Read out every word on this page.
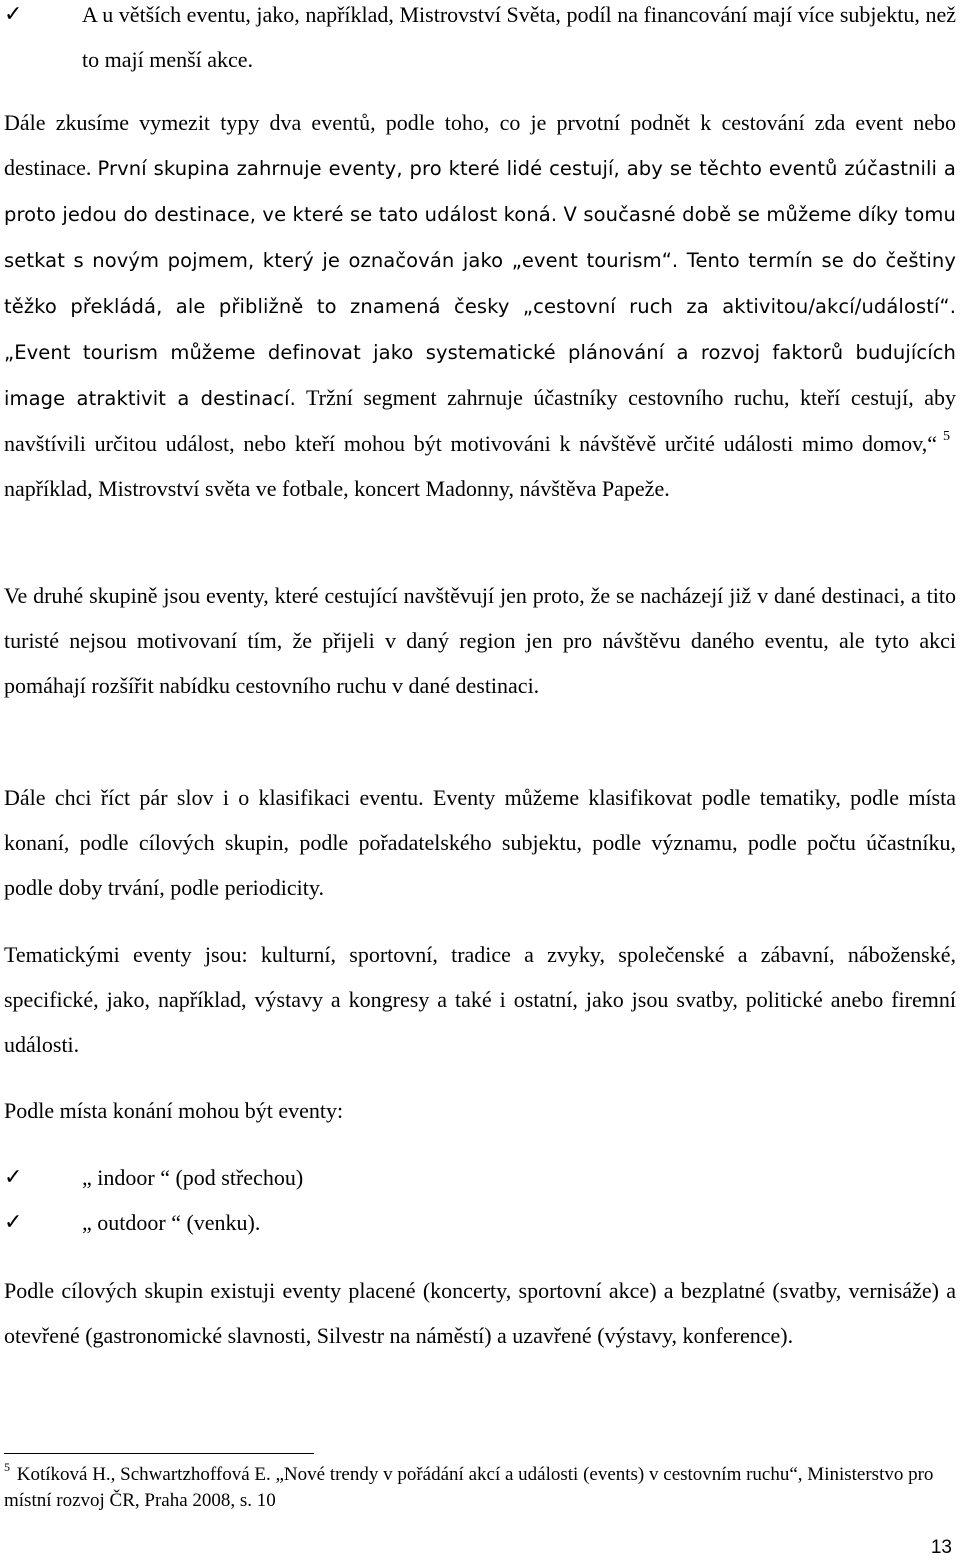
✓	A u větších eventu, jako, například, Mistrovství Světa, podíl na financování mají více subjektu, než to mají menší akce.

Dále zkusíme vymezit typy dva eventů, podle toho, co je prvotní podnět k cestování zda event nebo destinace. První skupina zahrnuje eventy, pro které lidé cestují, aby se těchto eventů zúčastnili a proto jedou do destinace, ve které se tato událost koná. V současné době se můžeme díky tomu setkat s novým pojmem, který je označován jako „event tourism“. Tento termín se do češtiny těžko překládá, ale přibližně to znamená česky „cestovní ruch za aktivitou/akcí/událostí“. „Event tourism můžeme definovat jako systematické plánování a rozvoj faktorů budujících image atraktivit a destinací. Tržní segment zahrnuje účastníky cestovního ruchu, kteří cestují, aby navštívili určitou událost, nebo kteří mohou být motivováni k návštěvě určité události mimo domov,“ $^5$ například, Mistrovství světa ve fotbale, koncert Madonny, návštěva Papeže.

Ve druhé skupině jsou eventy, které cestující navštěvují jen proto, že se nacházejí již v dané destinaci, a tito turisté nejsou motivovaní tím, že přijeli v daný region jen pro návštěvu daného eventu, ale tyto akci pomáhají rozšířit nabídku cestovního ruchu v dané destinaci.

Dále chci říct pár slov i o klasifikaci eventu. Eventy můžeme klasifikovat podle tematiky, podle místa konaní, podle cílových skupin, podle pořadatelského subjektu, podle významu, podle počtu účastníku, podle doby trvání, podle periodicity.

Tematickými eventy jsou: kulturní, sportovní, tradice a zvyky, společenské a zábavní, náboženské, specifické, jako, například, výstavy a kongresy a také i ostatní, jako jsou svatby, politické anebo firemní události.

Podle místa konání mohou být eventy:

✓	„ indoor “ (pod střechou)
✓	„ outdoor “ (venku).

Podle cílových skupin existuji eventy placené (koncerty, sportovní akce) a bezplatné (svatby, vernisáže) a otevřené (gastronomické slavnosti, Silvestr na náměstí) a uzavřené (výstavy, konference).

$^5$ Kotíková H., Schwartzhoffová E. „Nové trendy v pořádání akcí a události (events) v cestovním ruchu“, Ministerstvo pro místní rozvoj ČR, Praha 2008, s. 10

13
